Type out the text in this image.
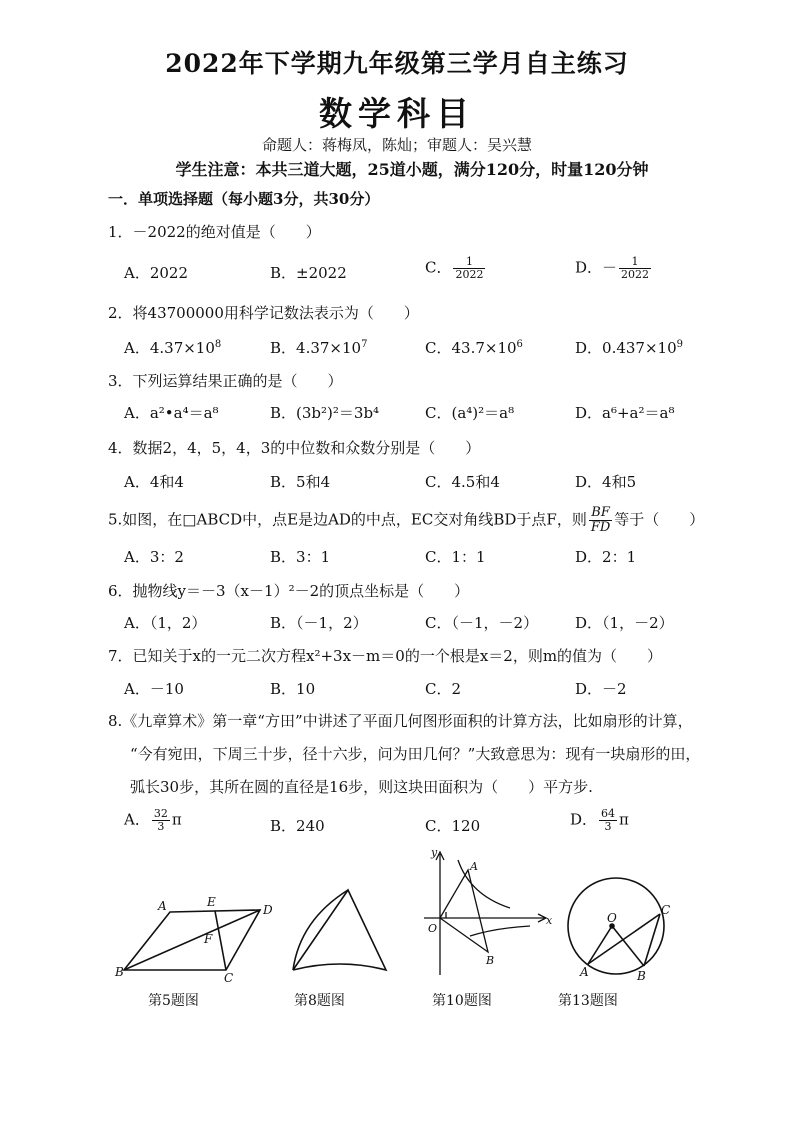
2022年下学期九年级第三学月自主练习
数学科目
命题人：蒋梅凤，陈灿；审题人：吴兴慧
学生注意：本共三道大题，25道小题，满分120分，时量120分钟
一．单项选择题（每小题3分，共30分）
1．－2022的绝对值是（　　）
A．2022	B．±2022	C． $\frac{1}{2022}$	D．－ $\frac{1}{2022}$
2．将43700000用科学记数法表示为（　　）
A．$4.37\times 10^8$	B．$4.37\times 10^7$	C．$43.7\times 10^6$	D．$0.437\times 10^9$
3．下列运算结果正确的是（　　）
A．a²•a⁴＝a⁸	B．(3b²)²＝3b⁴	C．(a⁴)²＝a⁸	D．a⁶+a²＝a⁸
4．数据2，4，5，4，3的中位数和众数分别是（　　）
A．4和4	B．5和4	C．4.5和4	D．4和5
5.如图，在□ABCD中，点E是边AD的中点，EC交对角线BD于点F，则 $\frac{BF}{FD}$ 等于（　　）
A．3：2	B．3：1	C．1：1	D．2：1
6．抛物线y＝－3（x－1）²－2的顶点坐标是（　　）
A．（1，2）	B．（－1，2）	C．（－1，－2） D．（1，－2）
7．已知关于x的一元二次方程x²+3x－m＝0的一个根是x＝2，则m的值为（　　）
A．－10	B．10	C．2	D．－2
8.《九章算术》第一章“方田”中讲述了平面几何图形面积的计算方法，比如扇形的计算，
“今有宛田，下周三十步，径十六步，问为田几何？”大致意思为：现有一块扇形的田，
弧长30步，其所在圆的直径是16步，则这块田面积为（　　）平方步.
A． $\frac{32}{3}$ π	B．240	C．120	D． $\frac{64}{3}$ π
A	E
D
F
B	C
y
x
O
A
B
O
C
A	B
第5题图	第8题图	第10题图	第13题图
